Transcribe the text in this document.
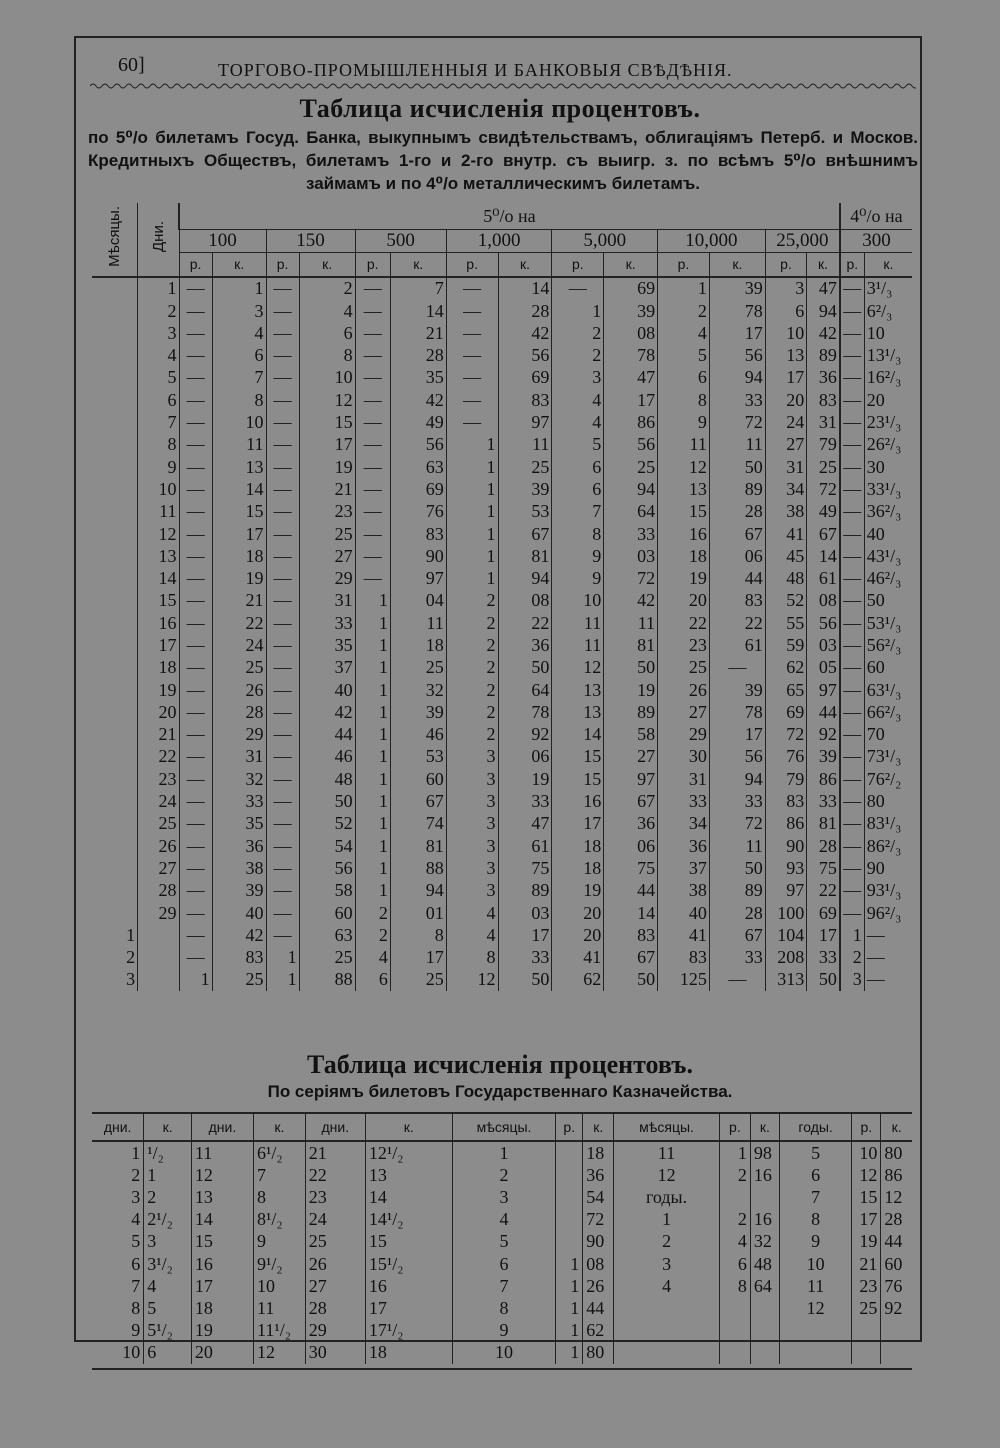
60]	ТОРГОВО-ПРОМЫШЛЕННЫЯ И БАНКОВЫЯ СВѢДѢНІЯ.
Таблица исчисленія процентовъ.
по 5⁰/о билетамъ Госуд. Банка, выкупнымъ свидѣтельствамъ, облигаціямъ Петерб. и Москов. Кредитныхъ Обществъ, билетамъ 1-го и 2-го внутр. съ выигр. з. по всѣмъ 5⁰/о внѣшнимъ займамъ и по 4⁰/о металлическимъ билетамъ.
Мѣсяцы.	Дни.	5⁰/о на														4⁰/о на	
		100		150		500		1,000		5,000		10,000		25,000		300	
		р.	к.	р.	к.	р.	к.	р.	к.	р.	к.	р.	к.	р.	к.	р.	к.
	1	—	1	—	2	—	7	—	14	—	69	1	39	3	47	—	3¹/₃
	2	—	3	—	4	—	14	—	28	1	39	2	78	6	94	—	6²/₃
	3	—	4	—	6	—	21	—	42	2	08	4	17	10	42	—	10
	4	—	6	—	8	—	28	—	56	2	78	5	56	13	89	—	13¹/₃
	5	—	7	—	10	—	35	—	69	3	47	6	94	17	36	—	16²/₃
	6	—	8	—	12	—	42	—	83	4	17	8	33	20	83	—	20
	7	—	10	—	15	—	49	—	97	4	86	9	72	24	31	—	23¹/₃
	8	—	11	—	17	—	56	1	11	5	56	11	11	27	79	—	26²/₃
	9	—	13	—	19	—	63	1	25	6	25	12	50	31	25	—	30
	10	—	14	—	21	—	69	1	39	6	94	13	89	34	72	—	33¹/₃
	11	—	15	—	23	—	76	1	53	7	64	15	28	38	49	—	36²/₃
	12	—	17	—	25	—	83	1	67	8	33	16	67	41	67	—	40
	13	—	18	—	27	—	90	1	81	9	03	18	06	45	14	—	43¹/₃
	14	—	19	—	29	—	97	1	94	9	72	19	44	48	61	—	46²/₃
	15	—	21	—	31	1	04	2	08	10	42	20	83	52	08	—	50
	16	—	22	—	33	1	11	2	22	11	11	22	22	55	56	—	53¹/₃
	17	—	24	—	35	1	18	2	36	11	81	23	61	59	03	—	56²/₃
	18	—	25	—	37	1	25	2	50	12	50	25	—	62	05	—	60
	19	—	26	—	40	1	32	2	64	13	19	26	39	65	97	—	63¹/₃
	20	—	28	—	42	1	39	2	78	13	89	27	78	69	44	—	66²/₃
	21	—	29	—	44	1	46	2	92	14	58	29	17	72	92	—	70
	22	—	31	—	46	1	53	3	06	15	27	30	56	76	39	—	73¹/₃
	23	—	32	—	48	1	60	3	19	15	97	31	94	79	86	—	76²/₂
	24	—	33	—	50	1	67	3	33	16	67	33	33	83	33	—	80
	25	—	35	—	52	1	74	3	47	17	36	34	72	86	81	—	83¹/₃
	26	—	36	—	54	1	81	3	61	18	06	36	11	90	28	—	86²/₃
	27	—	38	—	56	1	88	3	75	18	75	37	50	93	75	—	90
	28	—	39	—	58	1	94	3	89	19	44	38	89	97	22	—	93¹/₃
	29	—	40	—	60	2	01	4	03	20	14	40	28	100	69	—	96²/₃
1		—	42	—	63	2	8	4	17	20	83	41	67	104	17	1	—
2		—	83	1	25	4	17	8	33	41	67	83	33	208	33	2	—
3		1	25	1	88	6	25	12	50	62	50	125	—	313	50	3	—
Таблица исчисленія процентовъ.
По серіямъ билетовъ Государственнаго Казначейства.
дни.	к.	дни.	к.	дни.	к.	мѣсяцы.	р.	к.	мѣсяцы.	р.	к.	годы.	р.	к.
1	¹/₂	11	6¹/₂	21	12¹/₂	1		18	11	1	98	5	10	80
2	1	12	7	22	13	2		36	12	2	16	6	12	86
3	2	13	8	23	14	3		54	годы.			7	15	12
4	2¹/₂	14	8¹/₂	24	14¹/₂	4		72	1	2	16	8	17	28
5	3	15	9	25	15	5		90	2	4	32	9	19	44
6	3¹/₂	16	9¹/₂	26	15¹/₂	6	1	08	3	6	48	10	21	60
7	4	17	10	27	16	7	1	26	4	8	64	11	23	76
8	5	18	11	28	17	8	1	44				12	25	92
9	5¹/₂	19	11¹/₂	29	17¹/₂	9	1	62						
10	6	20	12	30	18	10	1	80						
